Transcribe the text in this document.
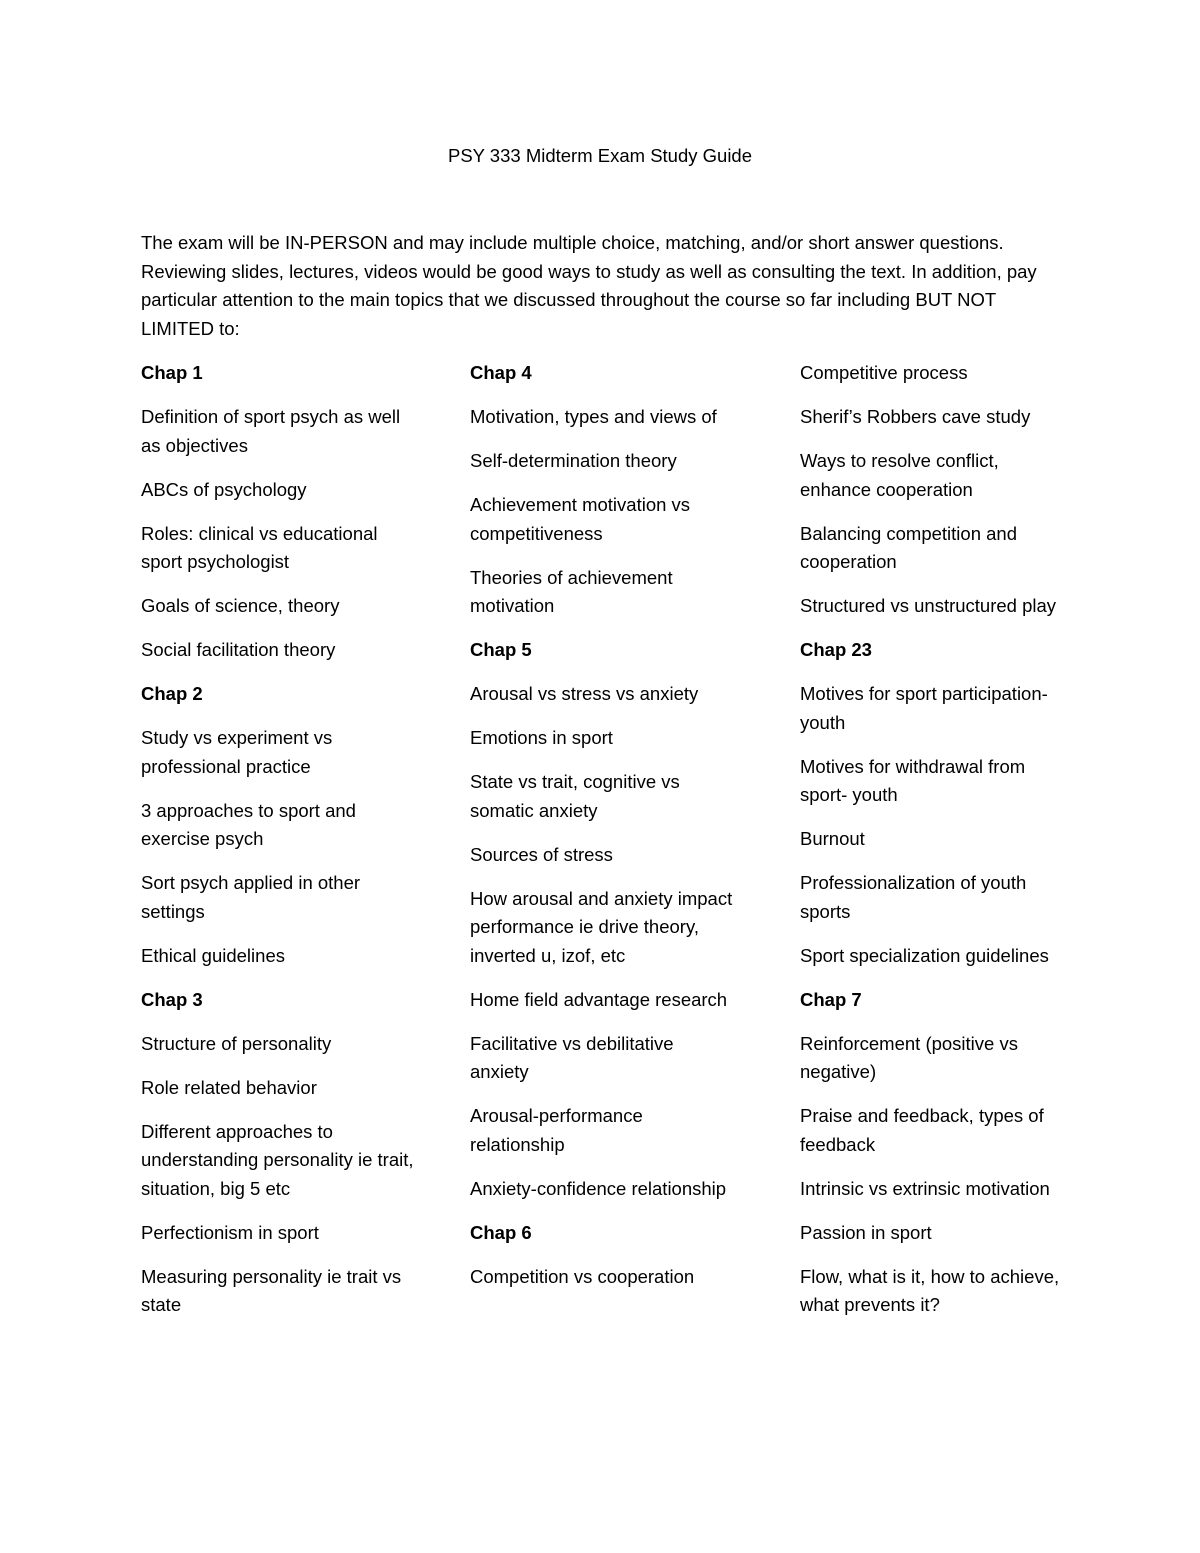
PSY 333 Midterm Exam Study Guide

The exam will be IN-PERSON and may include multiple choice, matching, and/or short answer questions. Reviewing slides, lectures, videos would be good ways to study as well as consulting the text. In addition, pay particular attention to the main topics that we discussed throughout the course so far including BUT NOT LIMITED to:

Chap 1

Definition of sport psych as well as objectives

ABCs of psychology

Roles: clinical vs educational sport psychologist

Goals of science, theory

Social facilitation theory

Chap 2

Study vs experiment vs professional practice

3 approaches to sport and exercise psych

Sort psych applied in other settings

Ethical guidelines

Chap 3

Structure of personality

Role related behavior

Different approaches to understanding personality ie trait, situation, big 5 etc

Perfectionism in sport

Measuring personality ie trait vs state

Chap 4

Motivation, types and views of

Self-determination theory

Achievement motivation vs competitiveness

Theories of achievement motivation

Chap 5

Arousal vs stress vs anxiety

Emotions in sport

State vs trait, cognitive vs somatic anxiety

Sources of stress

How arousal and anxiety impact performance ie drive theory, inverted u, izof, etc

Home field advantage research

Facilitative vs debilitative anxiety

Arousal-performance relationship

Anxiety-confidence relationship

Chap 6

Competition vs cooperation

Competitive process

Sherif’s Robbers cave study

Ways to resolve conflict, enhance cooperation

Balancing competition and cooperation

Structured vs unstructured play

Chap 23

Motives for sport participation- youth

Motives for withdrawal from sport- youth

Burnout

Professionalization of youth sports

Sport specialization guidelines

Chap 7

Reinforcement (positive vs negative)

Praise and feedback, types of feedback

Intrinsic vs extrinsic motivation

Passion in sport

Flow, what is it, how to achieve, what prevents it?
